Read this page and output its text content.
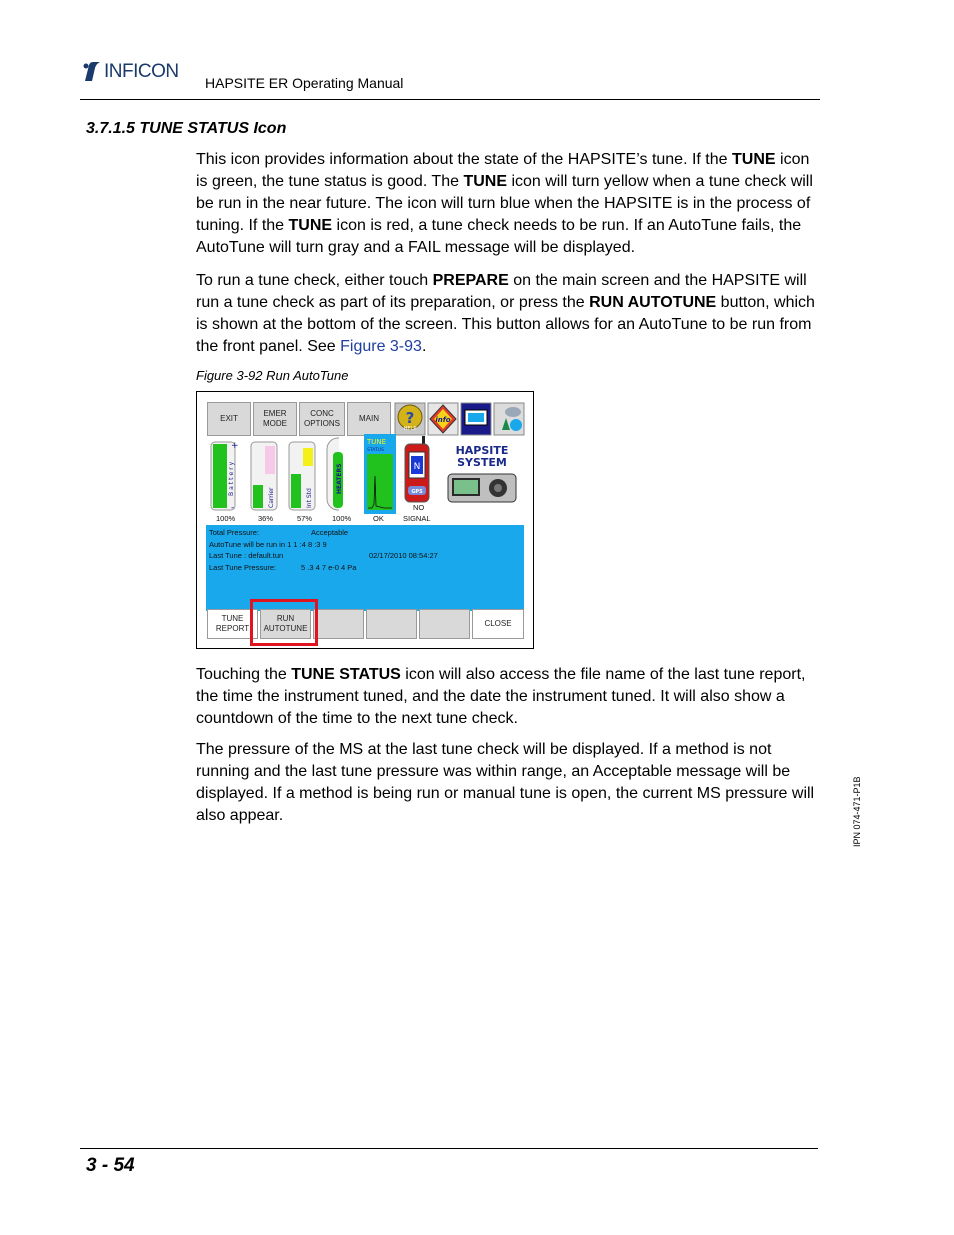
INFICON
HAPSITE ER Operating Manual
3.7.1.5 TUNE STATUS Icon
This icon provides information about the state of the HAPSITE’s tune. If the TUNE icon is green, the tune status is good. The TUNE icon will turn yellow when a tune check will be run in the near future. The icon will turn blue when the HAPSITE is in the process of tuning. If the TUNE icon is red, a tune check needs to be run. If an AutoTune fails, the AutoTune will turn gray and a FAIL message will be displayed.
To run a tune check, either touch PREPARE on the main screen and the HAPSITE will run a tune check as part of its preparation, or press the RUN AUTOTUNE button, which is shown at the bottom of the screen. This button allows for an AutoTune to be run from the front panel. See Figure 3-93.
Figure 3-92 Run AutoTune
EXIT
EMER
MODE
CONC
OPTIONS
MAIN ?
HELP
info
+
-
Battery
Carrier	Int Std
HEATERS
TUNE
STATUS
N
GPS
HAPSITE
SYSTEM
100%	36%	57%	100%	OK
NO
SIGNAL
Total Pressure:	Acceptable
AutoTune will be run in 1 1 :4 8 :3 9
Last Tune : default.tun	02/17/2010 08:54:27
Last Tune Pressure:	5 .3 4 7 e-0 4 Pa
TUNE
REPORT
RUN
AUTOTUNE
CLOSE
Touching the TUNE STATUS icon will also access the file name of the last tune report, the time the instrument tuned, and the date the instrument tuned. It will also show a countdown of the time to the next tune check.
The pressure of the MS at the last tune check will be displayed. If a method is not running and the last tune pressure was within range, an Acceptable message will be displayed. If a method is being run or manual tune is open, the current MS pressure will also appear.	IPN 074-471-P1B
3 - 54
